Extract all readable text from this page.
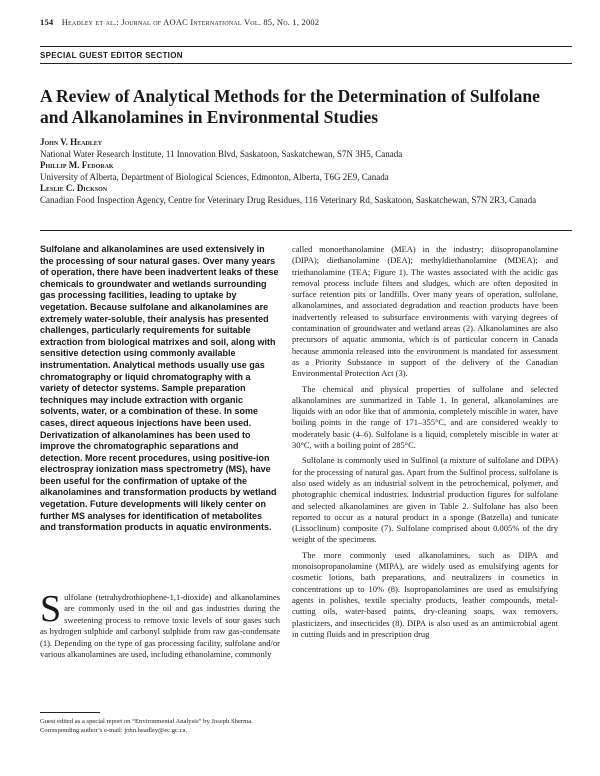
154 Headley et al.: Journal of AOAC International Vol. 85, No. 1, 2002
SPECIAL GUEST EDITOR SECTION
A Review of Analytical Methods for the Determination of Sulfolane and Alkanolamines in Environmental Studies
John V. Headley
National Water Research Institute, 11 Innovation Blvd, Saskatoon, Saskatchewan, S7N 3H5, Canada
Phillip M. Fedorak
University of Alberta, Department of Biological Sciences, Edmonton, Alberta, T6G 2E9, Canada
Leslie C. Dickson
Canadian Food Inspection Agency, Centre for Veterinary Drug Residues, 116 Veterinary Rd, Saskatoon, Saskatchewan, S7N 2R3, Canada
Sulfolane and alkanolamines are used extensively in the processing of sour natural gases. Over many years of operation, there have been inadvertent leaks of these chemicals to groundwater and wetlands surrounding gas processing facilities, leading to uptake by vegetation. Because sulfolane and alkanolamines are extremely water-soluble, their analysis has presented challenges, particularly requirements for suitable extraction from biological matrixes and soil, along with sensitive detection using commonly available instrumentation. Analytical methods usually use gas chromatography or liquid chromatography with a variety of detector systems. Sample preparation techniques may include extraction with organic solvents, water, or a combination of these. In some cases, direct aqueous injections have been used. Derivatization of alkanolamines has been used to improve the chromatographic separations and detection. More recent procedures, using positive-ion electrospray ionization mass spectrometry (MS), have been useful for the confirmation of uptake of the alkanolamines and transformation products by wetland vegetation. Future developments will likely center on further MS analyses for identification of metabolites and transformation products in aquatic environments.
S ulfolane (tetrahydrothiophene-1,1-dioxide) and alkanolamines are commonly used in the oil and gas industries during the sweetening process to remove toxic levels of sour gases such as hydrogen sulphide and carbonyl sulphide from raw gas-condensate (1). Depending on the type of gas processing facility, sulfolane and/or various alkanolamines are used, including ethanolamine, commonly
Guest edited as a special report on “Environmental Analysis” by Joseph Sherma.
Corresponding author’s e-mail: john.headley@ec.gc.ca.

called monoethanolamine (MEA) in the industry; diisopropanolamine (DIPA); diethanolamine (DEA); methyldiethanolamine (MDEA); and triethanolamine (TEA; Figure 1). The wastes associated with the acidic gas removal process include filters and sludges, which are often deposited in surface retention pits or landfills. Over many years of operation, sulfolane, alkanolamines, and associated degradation and reaction products have been inadvertently released to subsurface environments with varying degrees of contamination of groundwater and wetland areas (2). Alkanolamines are also precursors of aquatic ammonia, which is of particular concern in Canada because ammonia released into the environment is mandated for assessment as a Priority Substance in support of the delivery of the Canadian Environmental Protection Act (3).

The chemical and physical properties of sulfolane and selected alkanolamines are summarized in Table 1. In general, alkanolamines are liquids with an odor like that of ammonia, completely miscible in water, have boiling points in the range of 171–355°C, and are considered weakly to moderately basic (4–6). Sulfolane is a liquid, completely miscible in water at 30°C, with a boiling point of 285°C.

Sulfolane is commonly used in Sulfinol (a mixture of sulfolane and DIPA) for the processing of natural gas. Apart from the Sulfinol process, sulfolane is also used widely as an industrial solvent in the petrochemical, polymer, and photographic chemical industries. Industrial production figures for sulfolane and selected alkanolamines are given in Table 2. Sulfolane has also been reported to occur as a natural product in a sponge (Batzella) and tunicate (Lissoclinum) composite (7). Sulfolane comprised about 0.005% of the dry weight of the specimens.

The more commonly used alkanolamines, such as DIPA and monoisopropanolamine (MIPA), are widely used as emulsifying agents for cosmetic lotions, bath preparations, and neutralizers in cosmetics in concentrations up to 10% (8). Isopropanolamines are used as emulsifying agents in polishes, textile specialty products, leather compounds, metal-cutting oils, water-based paints, dry-cleaning soaps, wax removers, plasticizers, and insecticides (8). DIPA is also used as an antimicrobial agent in cutting fluids and in prescription drug
